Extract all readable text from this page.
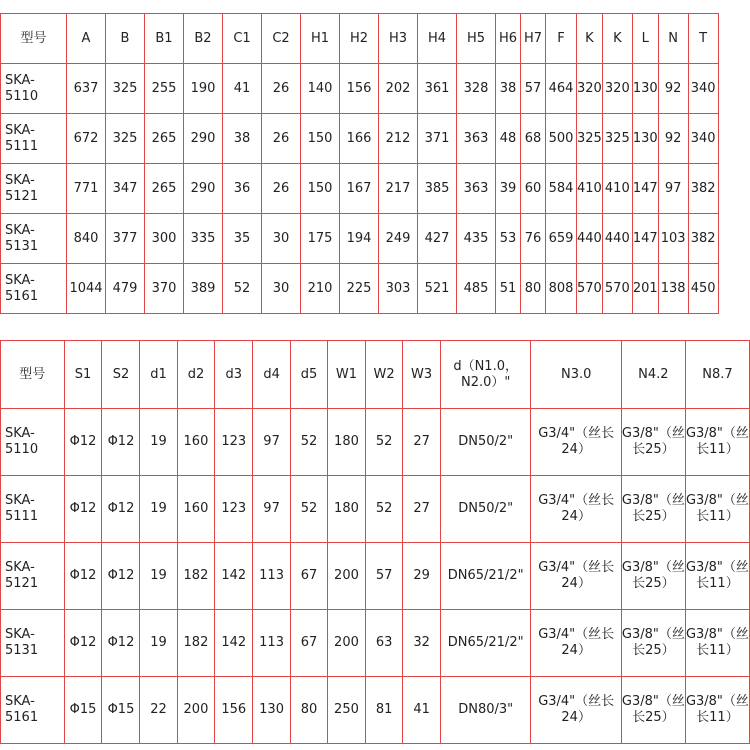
型号	A	B	B1	B2	C1	C2	H1	H2	H3	H4	H5	H6	H7	F	K	K	L	N	T
SKA-5110	637	325	255	190	41	26	140	156	202	361	328	38	57	464	320	320	130	92	340
SKA-5111	672	325	265	290	38	26	150	166	212	371	363	48	68	500	325	325	130	92	340
SKA-5121	771	347	265	290	36	26	150	167	217	385	363	39	60	584	410	410	147	97	382
SKA-5131	840	377	300	335	35	30	175	194	249	427	435	53	76	659	440	440	147	103	382
SKA-5161	1044	479	370	389	52	30	210	225	303	521	485	51	80	808	570	570	201	138	450
型号	S1	S2	d1	d2	d3	d4	d5	W1	W2	W3	d（N1.0，N2.0）"	N3.0	N4.2	N8.7
SKA-5110	Φ12	Φ12	19	160	123	97	52	180	52	27	DN50/2"	G3/4"（丝长24）	G3/8"（丝长25）	G3/8"（丝长11）
SKA-5111	Φ12	Φ12	19	160	123	97	52	180	52	27	DN50/2"	G3/4"（丝长24）	G3/8"（丝长25）	G3/8"（丝长11）
SKA-5121	Φ12	Φ12	19	182	142	113	67	200	57	29	DN65/21/2"	G3/4"（丝长24）	G3/8"（丝长25）	G3/8"（丝长11）
SKA-5131	Φ12	Φ12	19	182	142	113	67	200	63	32	DN65/21/2"	G3/4"（丝长24）	G3/8"（丝长25）	G3/8"（丝长11）
SKA-5161	Φ15	Φ15	22	200	156	130	80	250	81	41	DN80/3"	G3/4"（丝长24）	G3/8"（丝长25）	G3/8"（丝长11）
